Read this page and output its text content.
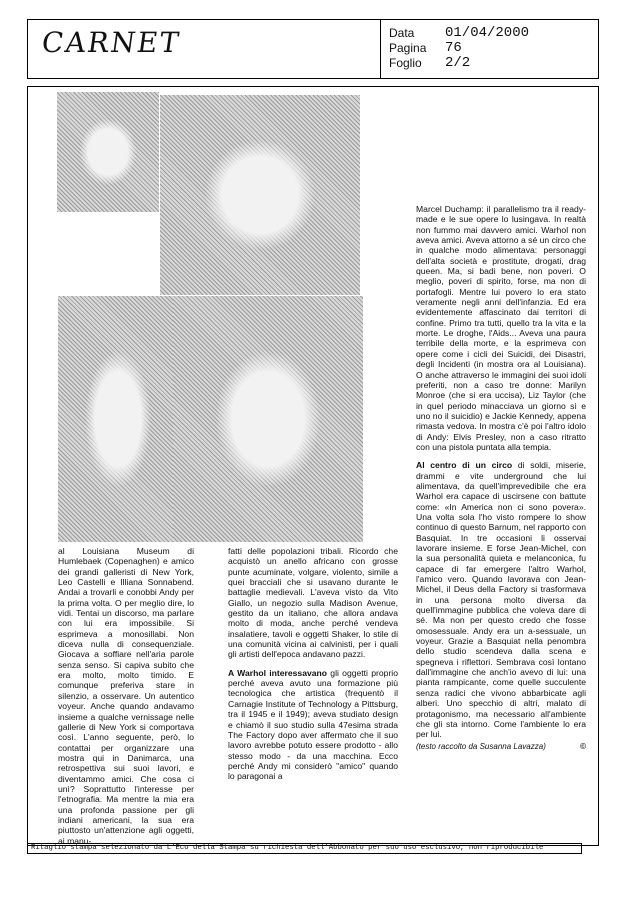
CARNET	Data	01/04/2000
Pagina	76
Foglio	2/2

Marcel Duchamp: il parallelismo tra il ready-made e le sue opere lo lusingava. In realtà non fummo mai davvero amici. Warhol non aveva amici. Aveva attorno a sé un circo che in qualche modo alimentava: personaggi dell'alta società e prostitute, drogati, drag queen. Ma, si badi bene, non poveri. O meglio, poveri di spirito, forse, ma non di portafogli. Mentre lui povero lo era stato veramente negli anni dell'infanzia. Ed era evidentemente affascinato dai territori di confine. Primo tra tutti, quello tra la vita e la morte. Le droghe, l'Aids... Aveva una paura terribile della morte, e la esprimeva con opere come i cicli dei Suicidi, dei Disastri, degli Incidenti (in mostra ora al Louisiana). O anche attraverso le immagini dei suoi idoli preferiti, non a caso tre donne: Marilyn Monroe (che si era uccisa), Liz Taylor (che in quel periodo minacciava un giorno sì e uno no il suicidio) e Jackie Kennedy, appena rimasta vedova. In mostra c'è poi l'altro idolo di Andy: Elvis Presley, non a caso ritratto con una pistola puntata alla tempia.

Al centro di un circo di soldi, miserie, drammi e vite underground che lui alimentava, da quell'imprevedibile che era Warhol era capace di uscirsene con battute come: «In America non ci sono povera». Una volta sola l'ho visto rompere lo show continuo di questo Barnum, nel rapporto con Basquiat. In tre occasioni li osservai lavorare insieme. E forse Jean-Michel, con la sua personalità quieta e melanconica, fu capace di far emergere l'altro Warhol, l'amico vero. Quando lavorava con Jean-Michel, il Deus della Factory si trasformava in una persona molto diversa da quell'immagine pubblica che voleva dare di sé. Ma non per questo credo che fosse omosessuale. Andy era un a-sessuale, un voyeur. Grazie a Basquiat nella penombra dello studio scendeva dalla scena e spegneva i riflettori. Sembrava così lontano dall'immagine che anch'io avevo di lui: una pianta rampicante, come quelle succulente senza radici che vivono abbarbicate agli alberi. Uno specchio di altri, malato di protagonismo, ma necessario all'ambiente che gli sta intorno. Come l'ambiente lo era per lui.

(testo raccolto da Susanna Lavazza)	©

al Louisiana Museum di Humlebaek (Copenaghen) e amico dei grandi galleristi di New York, Leo Castelli e Illiana Sonnabend. Andai a trovarli e conobbi Andy per la prima volta. O per meglio dire, lo vidi. Tentai un discorso, ma parlare con lui era impossibile. Si esprimeva a monosillabi. Non diceva nulla di consequenziale. Giocava a soffiare nell'aria parole senza senso. Si capiva subito che era molto, molto timido. E comunque preferiva stare in silenzio, a osservare. Un autentico voyeur. Anche quando andavamo insieme a qualche vernissage nelle gallerie di New York si comportava così. L'anno seguente, però, lo contattai per organizzare una mostra qui in Danimarca, una retrospettiva sui suoi lavori, e diventammo amici. Che cosa ci unì? Soprattutto l'interesse per l'etnografia. Ma mentre la mia era una profonda passione per gli indiani americani, la sua era piuttosto un'attenzione agli oggetti, ai manu-

fatti delle popolazioni tribali. Ricordo che acquistò un anello africano con grosse punte acuminate, volgare, violento, simile a quei bracciali che si usavano durante le battaglie medievali. L'aveva visto da Vito Giallo, un negozio sulla Madison Avenue, gestito da un italiano, che allora andava molto di moda, anche perché vendeva insalatiere, tavoli e oggetti Shaker, lo stile di una comunità vicina ai calvinisti, per i quali gli artisti dell'epoca andavano pazzi.

A Warhol interessavano gli oggetti proprio perché aveva avuto una formazione più tecnologica che artistica (frequentò il Carnagie Institute of Technology a Pittsburg, tra il 1945 e il 1949); aveva studiato design e chiamò il suo studio sulla 47esima strada The Factory dopo aver affermato che il suo lavoro avrebbe potuto essere prodotto - allo stesso modo - da una macchina. Ecco perché Andy mi considerò "amico" quando lo paragonai a

Ritaglio stampa selezionato da L'Eco della Stampa su richiesta dell'Abbonato per suo uso esclusivo, non riproducibile
